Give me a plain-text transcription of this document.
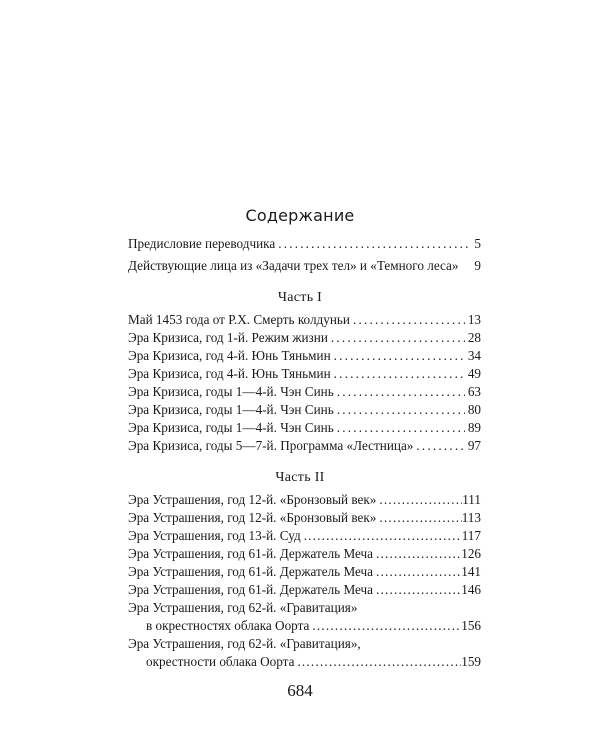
Содержание
Предисловие переводчика .....	5
Действующие лица из «Задачи трех тел» и «Темного леса» 9
Часть I
Май 1453 года от Р.Х. Смерть колдуньи .....	13
Эра Кризиса, год 1-й. Режим жизни .....	28
Эра Кризиса, год 4-й. Юнь Тяньмин .....	34
Эра Кризиса, год 4-й. Юнь Тяньмин .....	49
Эра Кризиса, годы 1—4-й. Чэн Синь .....	63
Эра Кризиса, годы 1—4-й. Чэн Синь .....	80
Эра Кризиса, годы 1—4-й. Чэн Синь .....	89
Эра Кризиса, годы 5—7-й. Программа «Лестница» .....	97
Часть II
Эра Устрашения, год 12-й. «Бронзовый век» .....	111
Эра Устрашения, год 12-й. «Бронзовый век» .....	113
Эра Устрашения, год 13-й. Суд .....	117
Эра Устрашения, год 61-й. Держатель Меча .....	126
Эра Устрашения, год 61-й. Держатель Меча .....	141
Эра Устрашения, год 61-й. Держатель Меча .....	146
Эра Устрашения, год 62-й. «Гравитация»
в окрестностях облака Оорта .....	156
Эра Устрашения, год 62-й. «Гравитация»,
окрестности облака Оорта .....	159
684
